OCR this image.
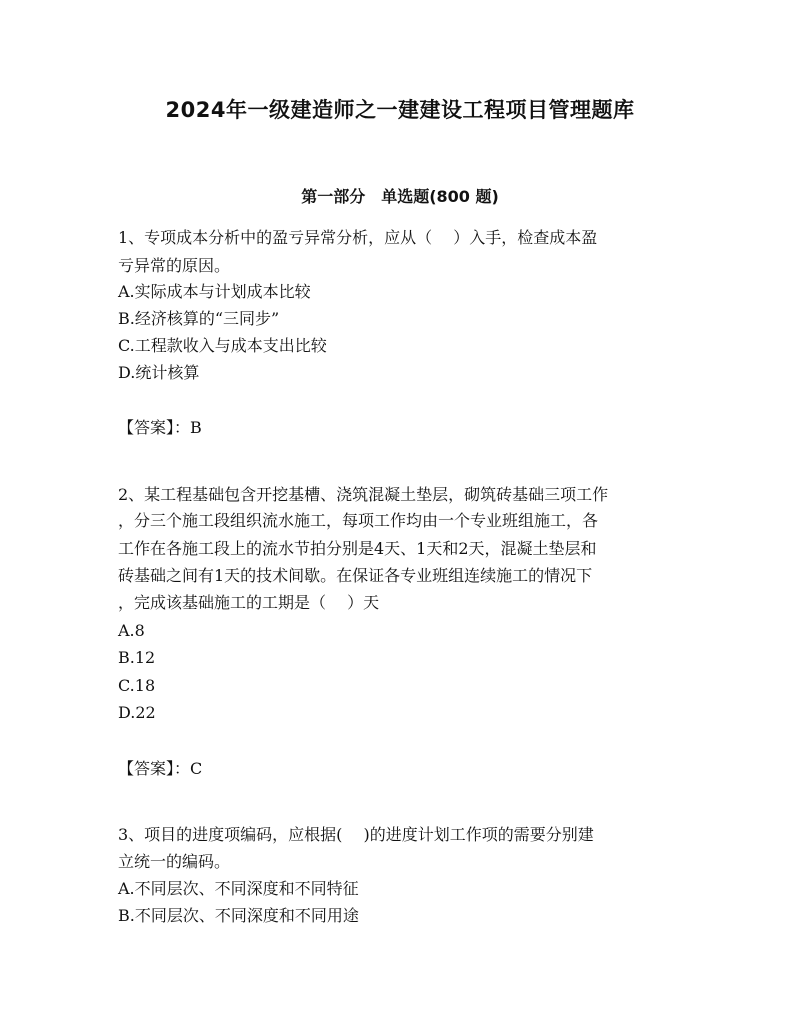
2024年一级建造师之一建建设工程项目管理题库
第一部分　单选题(800 题)
1、专项成本分析中的盈亏异常分析，应从（　 ）入手，检查成本盈
亏异常的原因。
A.实际成本与计划成本比较
B.经济核算的“三同步”
C.工程款收入与成本支出比较
D.统计核算
【答案】：B
2、某工程基础包含开挖基槽、浇筑混凝土垫层，砌筑砖基础三项工作
，分三个施工段组织流水施工，每项工作均由一个专业班组施工，各
工作在各施工段上的流水节拍分别是4天、1天和2天，混凝土垫层和
砖基础之间有1天的技术间歇。在保证各专业班组连续施工的情况下
，完成该基础施工的工期是（　 ）天
A.8
B.12
C.18
D.22
【答案】：C
3、项目的进度项编码，应根据(　 )的进度计划工作项的需要分别建
立统一的编码。
A.不同层次、不同深度和不同特征
B.不同层次、不同深度和不同用途
